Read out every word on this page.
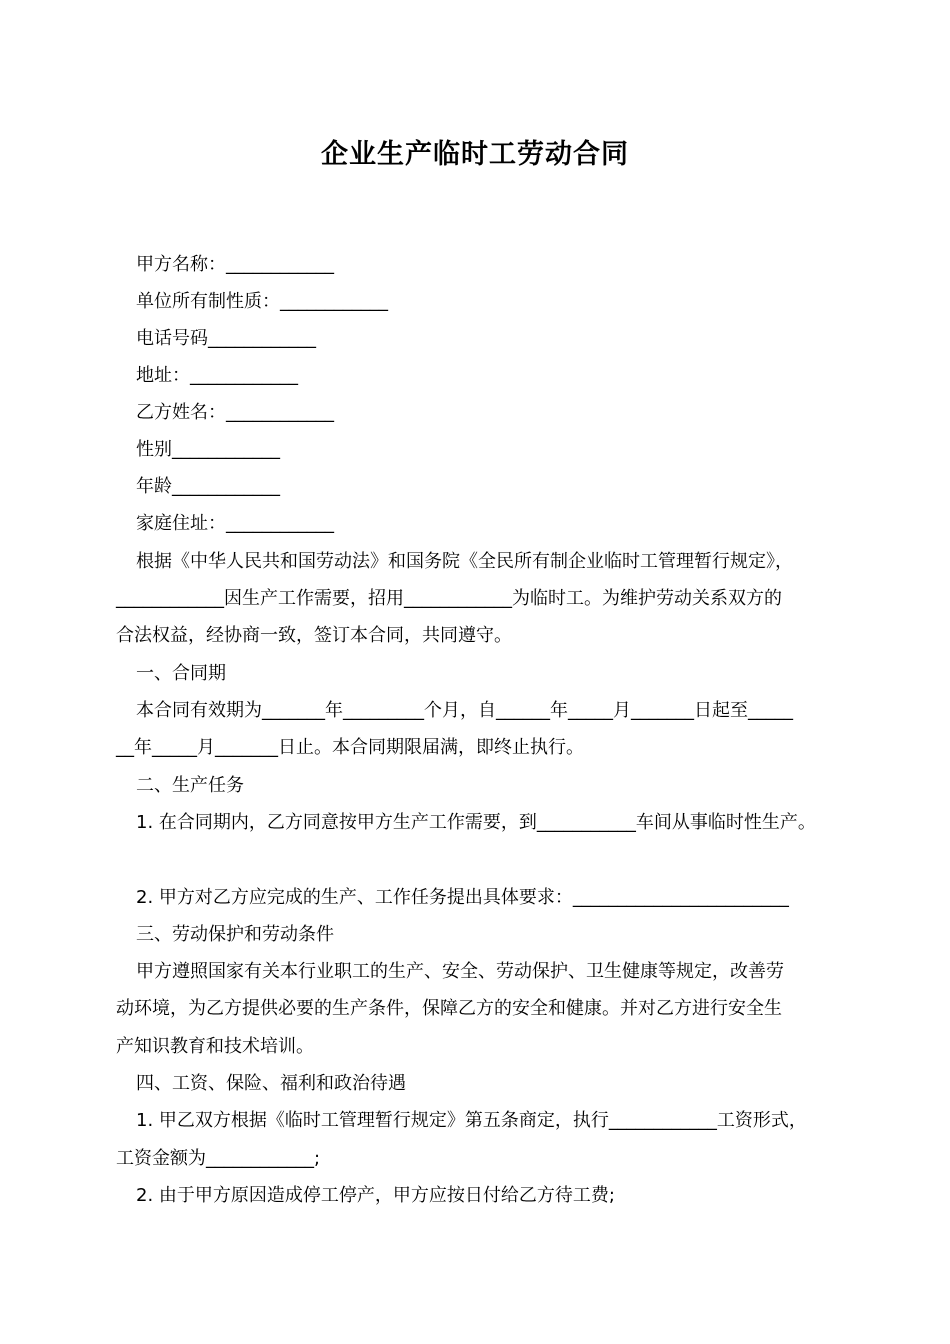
企业生产临时工劳动合同
甲方名称：____________
单位所有制性质：____________
电话号码____________
地址：____________
乙方姓名：____________
性别____________
年龄____________
家庭住址：____________
根据《中华人民共和国劳动法》和国务院《全民所有制企业临时工管理暂行规定》，
____________因生产工作需要，招用____________为临时工。为维护劳动关系双方的
合法权益，经协商一致，签订本合同，共同遵守。
一、合同期
本合同有效期为_______年_________个月，自______年_____月_______日起至_____
__年_____月_______日止。本合同期限届满，即终止执行。
二、生产任务
1. 在合同期内，乙方同意按甲方生产工作需要，到___________车间从事临时性生产。
2. 甲方对乙方应完成的生产、工作任务提出具体要求：________________________
三、劳动保护和劳动条件
甲方遵照国家有关本行业职工的生产、安全、劳动保护、卫生健康等规定，改善劳
动环境，为乙方提供必要的生产条件，保障乙方的安全和健康。并对乙方进行安全生
产知识教育和技术培训。
四、工资、保险、福利和政治待遇
1. 甲乙双方根据《临时工管理暂行规定》第五条商定，执行____________工资形式，
工资金额为____________;
2. 由于甲方原因造成停工停产，甲方应按日付给乙方待工费;
